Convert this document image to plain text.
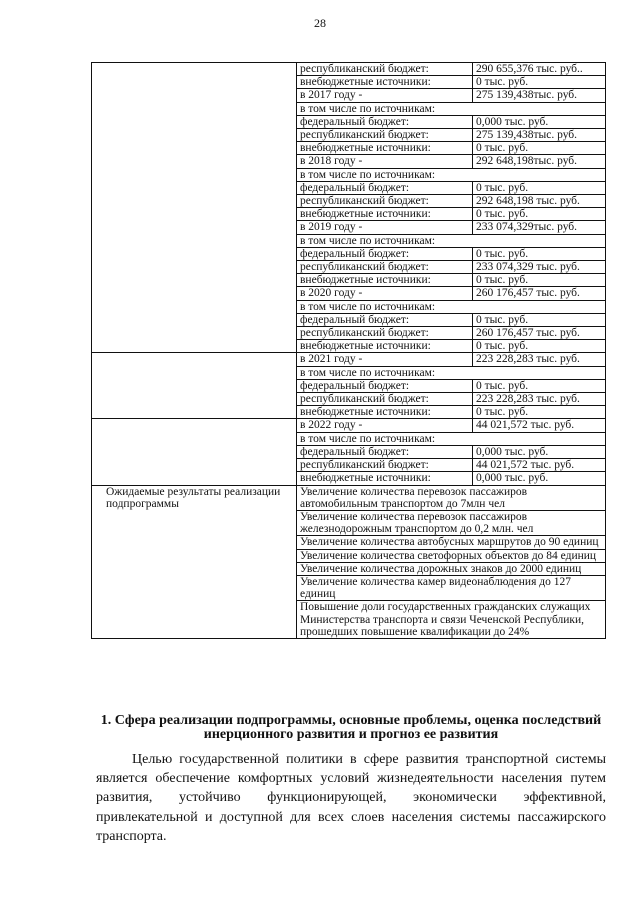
28
	республиканский бюджет:	290 655,376 тыс. руб..
	внебюджетные источники:	0 тыс. руб.
	в 2017 году -	275 139,438тыс. руб.
	в том числе по источникам:	
	федеральный бюджет:	0,000 тыс. руб.
	республиканский бюджет:	275 139,438тыс. руб.
	внебюджетные источники:	0 тыс. руб.
	в 2018 году -	292 648,198тыс. руб.
	в том числе по источникам:	
	федеральный бюджет:	0 тыс. руб.
	республиканский бюджет:	292 648,198 тыс. руб.
	внебюджетные источники:	0 тыс. руб.
	в 2019 году -	233 074,329тыс. руб.
	в том числе по источникам:	
	федеральный бюджет:	0 тыс. руб.
	республиканский бюджет:	233 074,329 тыс. руб.
	внебюджетные источники:	0 тыс. руб.
	в 2020 году -	260 176,457 тыс. руб.
	в том числе по источникам:	
	федеральный бюджет:	0 тыс. руб.
	республиканский бюджет:	260 176,457 тыс. руб.
	внебюджетные источники:	0 тыс. руб.
	в 2021 году -	223 228,283 тыс. руб.
	в том числе по источникам:	
	федеральный бюджет:	0 тыс. руб.
	республиканский бюджет:	223 228,283 тыс. руб.
	внебюджетные источники:	0 тыс. руб.
	в 2022 году -	44 021,572 тыс. руб.
	в том числе по источникам:	
	федеральный бюджет:	0,000 тыс. руб.
	республиканский бюджет:	44 021,572 тыс. руб.
	внебюджетные источники:	0,000 тыс. руб.
Ожидаемые результаты реализации подпрограммы	Увеличение количества перевозок пассажиров автомобильным транспортом до 7млн чел	
	Увеличение количества перевозок пассажиров железнодорожным транспортом до 0,2 млн. чел	
	Увеличение количества автобусных маршрутов до 90 единиц	
	Увеличение количества светофорных объектов до 84 единиц	
	Увеличение количества дорожных знаков до 2000 единиц	
	Увеличение количества камер видеонаблюдения до 127 единиц	
	Повышение доли государственных гражданских служащих Министерства транспорта и связи Чеченской Республики, прошедших повышение квалификации до 24%	
1. Сфера реализации подпрограммы, основные проблемы, оценка последствий инерционного развития и прогноз ее развития

Целью государственной политики в сфере развития транспортной системы является обеспечение комфортных условий жизнедеятельности населения путем развития, устойчиво функционирующей, экономически эффективной, привлекательной и доступной для всех слоев населения системы пассажирского транспорта.
